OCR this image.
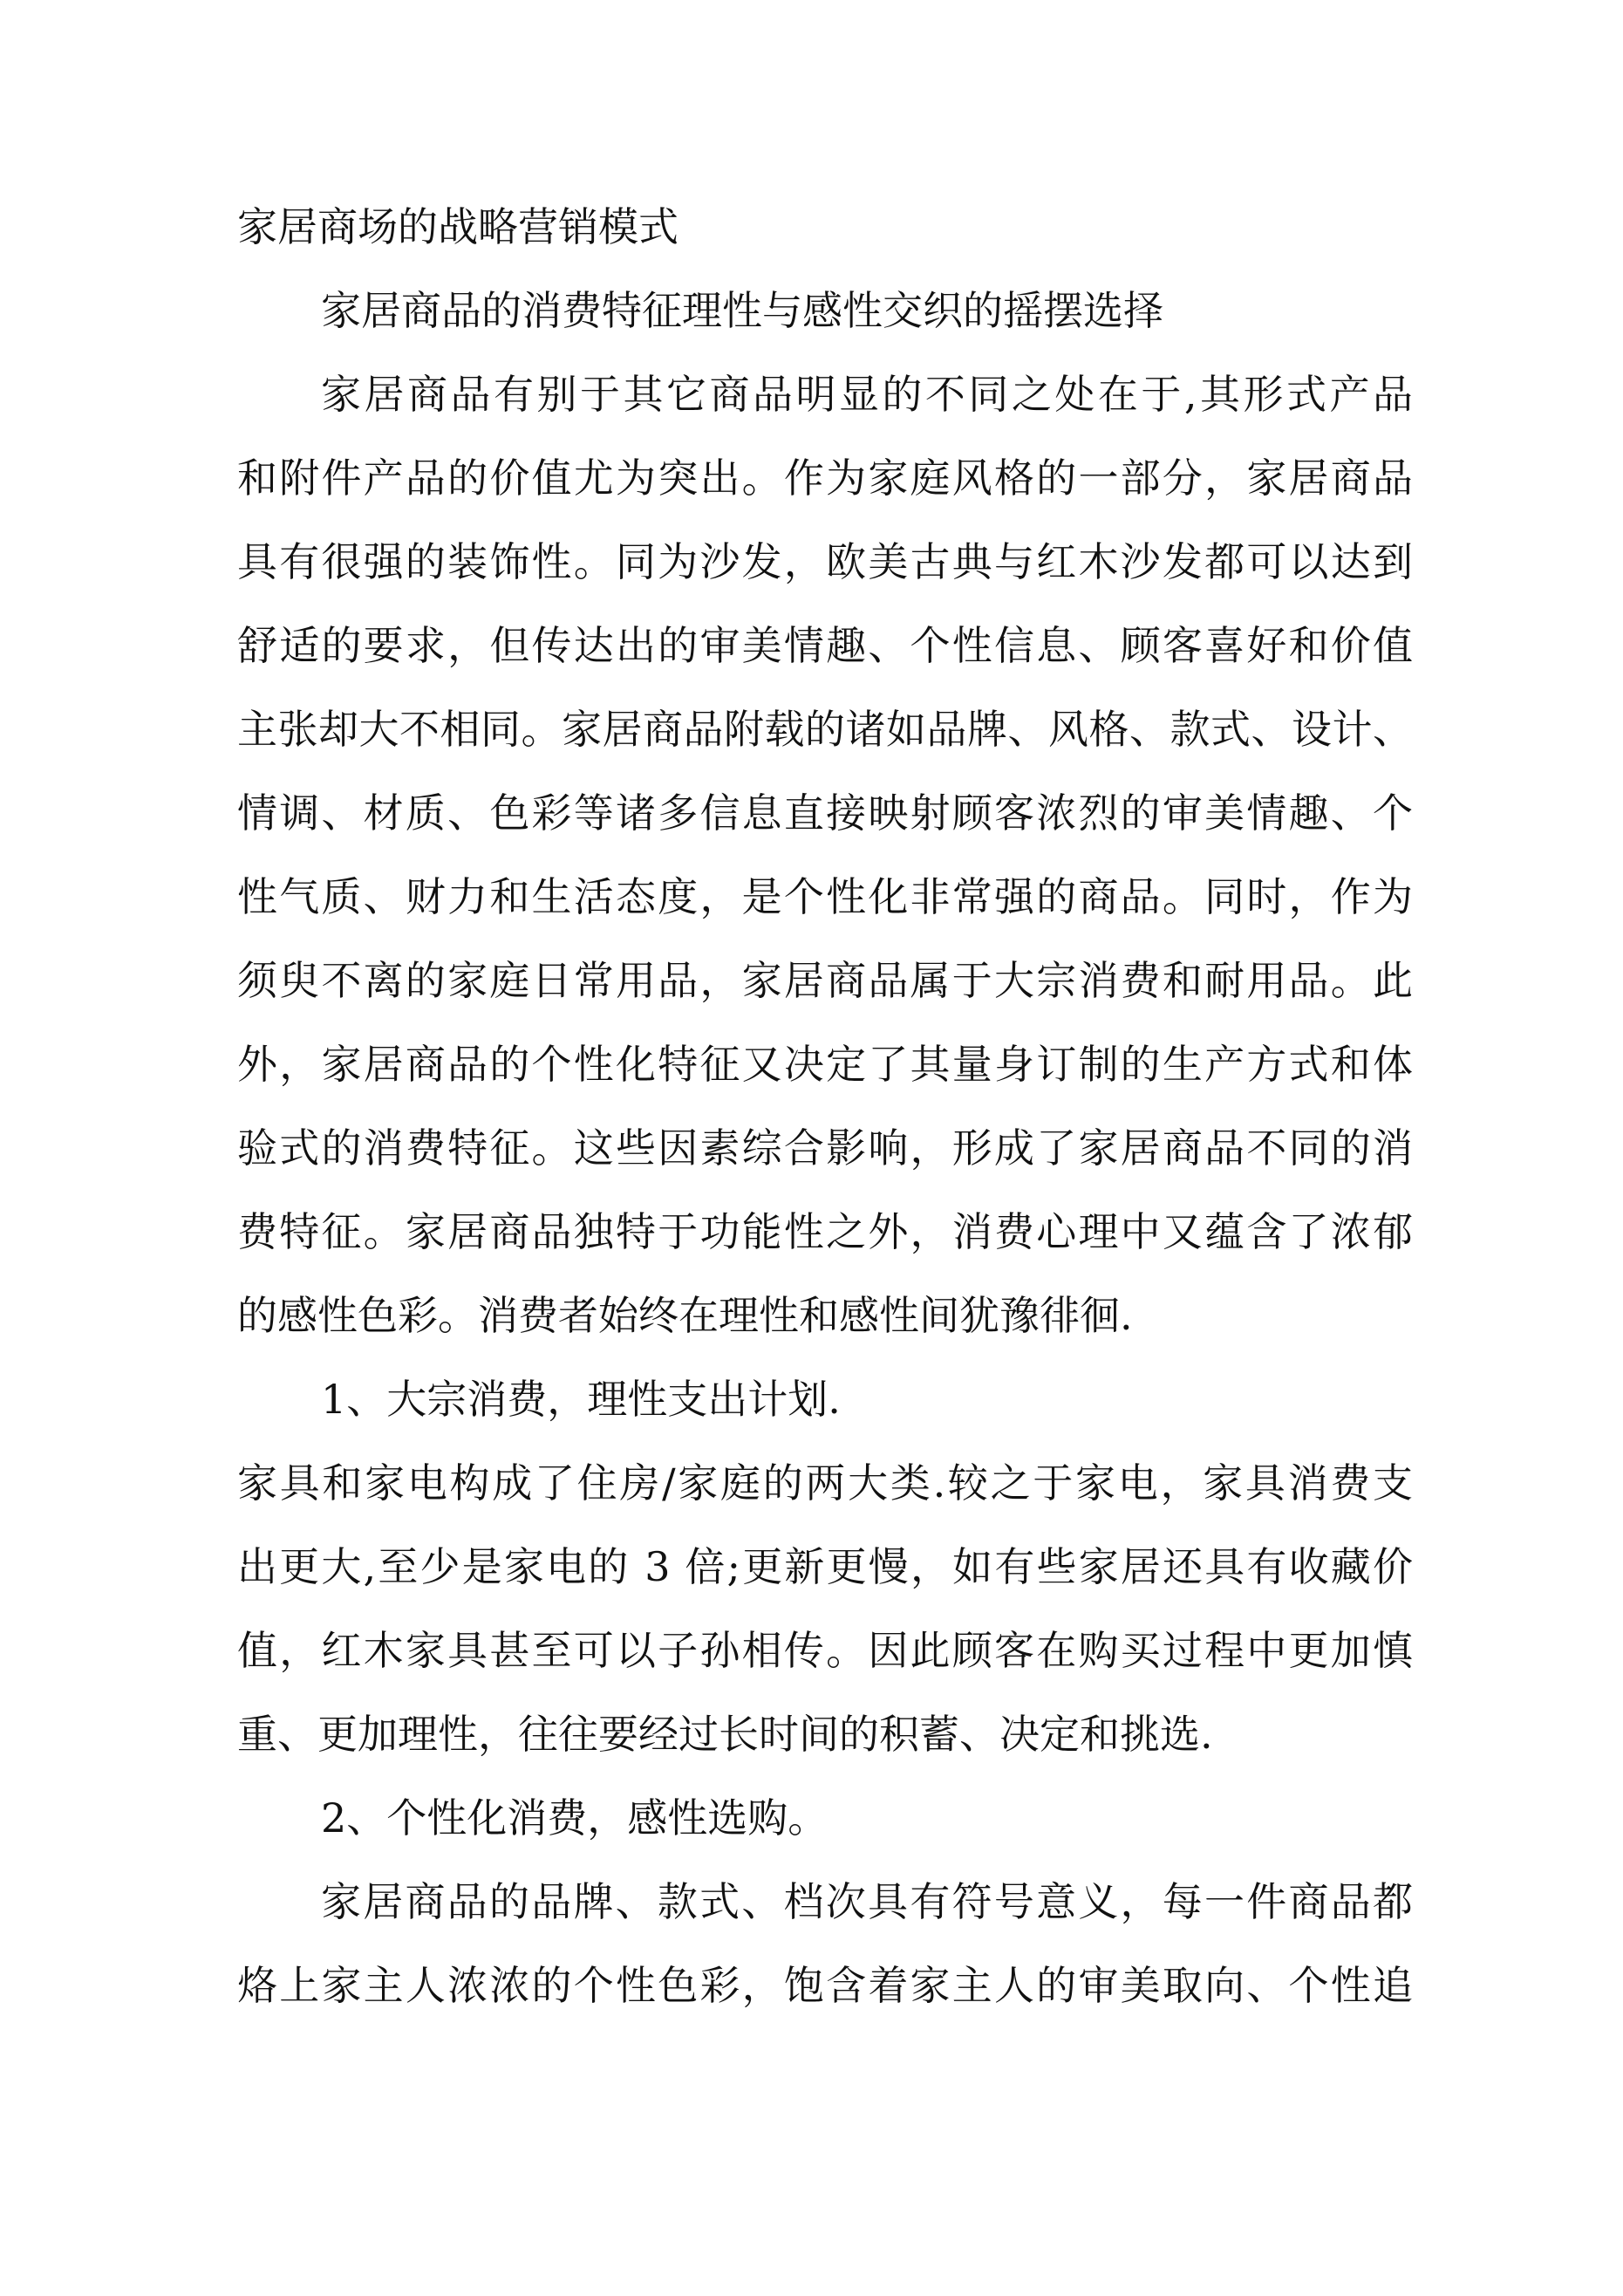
家居商场的战略营销模式
家居商品的消费特征理性与感性交织的摇摆选择
家居商品有别于其它商品明显的不同之处在于,其形式产品
和附件产品的价值尤为突出。作为家庭风格的一部分，家居商品
具有很强的装饰性。同为沙发，欧美古典与红木沙发都可以达到
舒适的要求，但传达出的审美情趣、个性信息、顾客喜好和价值
主张却大不相同。家居商品附载的诸如品牌、风格、款式、设计、
情调、材质、色彩等诸多信息直接映射顾客浓烈的审美情趣、个
性气质、财力和生活态度，是个性化非常强的商品。同时，作为
须臾不离的家庭日常用品，家居商品属于大宗消费和耐用品。此
外，家居商品的个性化特征又决定了其量身订制的生产方式和体
验式的消费特征。这些因素综合影响，形成了家居商品不同的消
费特征。家居商品独特于功能性之外，消费心理中又蕴含了浓郁
的感性色彩。消费者始终在理性和感性间犹豫徘徊.
1、大宗消费，理性支出计划.
家具和家电构成了住房/家庭的两大类.较之于家电，家具消费支
出更大,至少是家电的 3 倍;更新更慢，如有些家居还具有收藏价
值，红木家具甚至可以子孙相传。因此顾客在购买过程中更加慎
重、更加理性，往往要经过长时间的积蓄、决定和挑选.
2、个性化消费，感性选购。
家居商品的品牌、款式、档次具有符号意义，每一件商品都
烙上家主人浓浓的个性色彩，饱含着家主人的审美取向、个性追
